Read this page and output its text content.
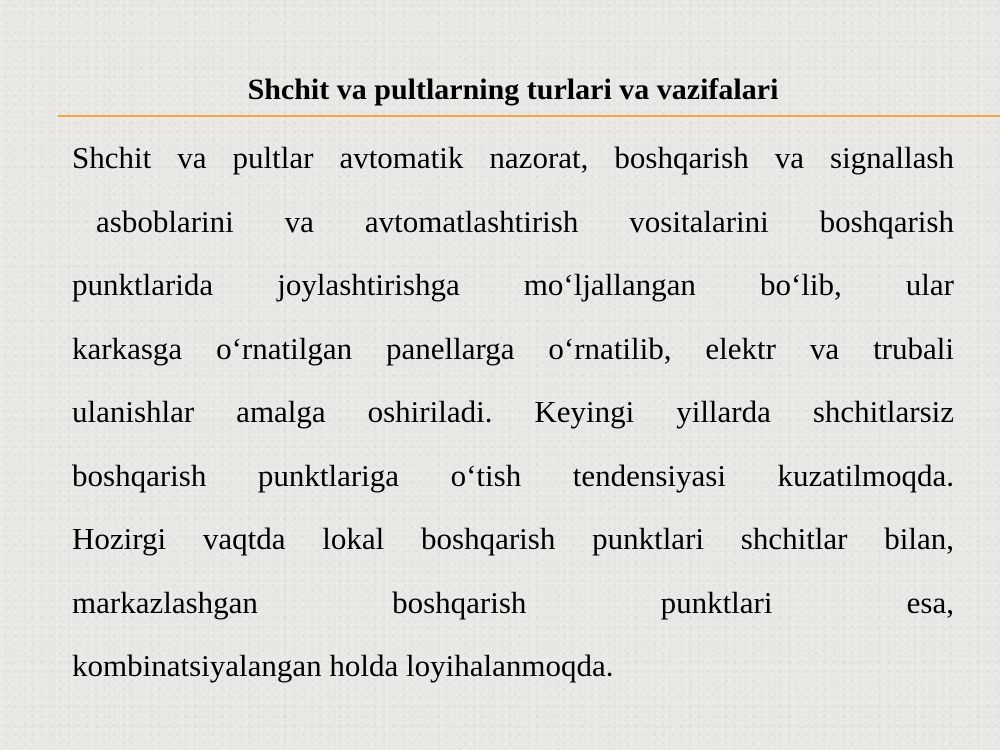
Shchit va pultlarning turlari va vazifalari
Shchit va pultlar avtomatik nazorat, boshqarish va signallash
asboblarini va avtomatlashtirish vositalarini boshqarish
punktlarida joylashtirishga mo‘ljallangan bo‘lib, ular
karkasga o‘rnatilgan panellarga o‘rnatilib, elektr va trubali
ulanishlar amalga oshiriladi. Keyingi yillarda shchitlarsiz
boshqarish punktlariga o‘tish tendensiyasi kuzatilmoqda.
Hozirgi vaqtda lokal boshqarish punktlari shchitlar bilan,
markazlashgan boshqarish punktlari esa,
kombinatsiyalangan holda loyihalanmoqda.
